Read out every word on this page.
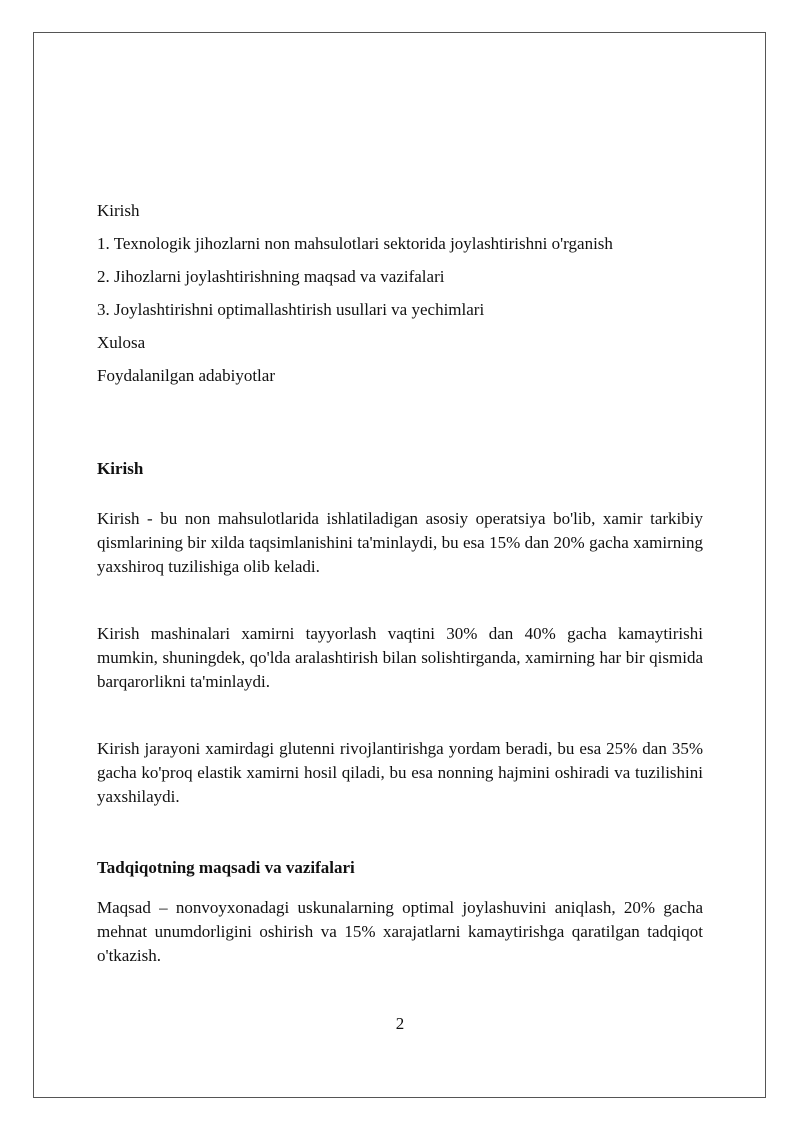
Kirish

1. Texnologik jihozlarni non mahsulotlari sektorida joylashtirishni o'rganish

2. Jihozlarni joylashtirishning maqsad va vazifalari

3. Joylashtirishni optimallashtirish usullari va yechimlari

Xulosa

Foydalanilgan adabiyotlar

Kirish

Kirish - bu non mahsulotlarida ishlatiladigan asosiy operatsiya bo'lib, xamir tarkibiy qismlarining bir xilda taqsimlanishini ta'minlaydi, bu esa 15% dan 20% gacha xamirning yaxshiroq tuzilishiga olib keladi.

Kirish mashinalari xamirni tayyorlash vaqtini 30% dan 40% gacha kamaytirishi mumkin, shuningdek, qo'lda aralashtirish bilan solishtirganda, xamirning har bir qismida barqarorlikni ta'minlaydi.

Kirish jarayoni xamirdagi glutenni rivojlantirishga yordam beradi, bu esa 25% dan 35% gacha ko'proq elastik xamirni hosil qiladi, bu esa nonning hajmini oshiradi va tuzilishini yaxshilaydi.

Tadqiqotning maqsadi va vazifalari

Maqsad – nonvoyxonadagi uskunalarning optimal joylashuvini aniqlash, 20% gacha mehnat unumdorligini oshirish va 15% xarajatlarni kamaytirishga qaratilgan tadqiqot o'tkazish.

2
